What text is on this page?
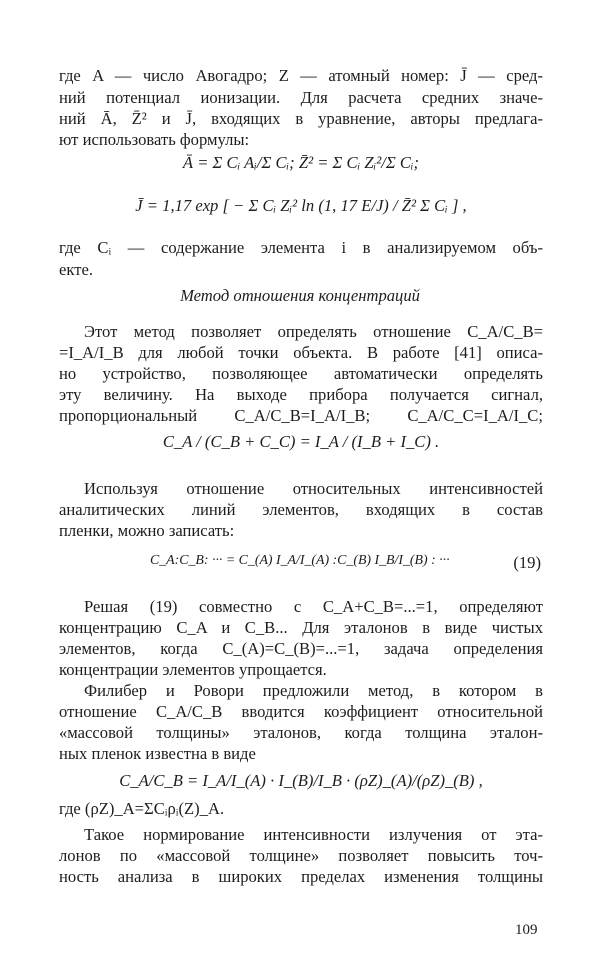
где A — число Авогадро; Z — атомный номер: J̄ — сред-
ний потенциал ионизации. Для расчета средних значе-
ний Ā, Z̄² и J̄, входящих в уравнение, авторы предлага-
ют использовать формулы:
Ā = Σ Cᵢ Aᵢ/Σ Cᵢ; Z̄² = Σ Cᵢ Zᵢ²/Σ Cᵢ;
J̄ = 1,17 exp [ − Σ Cᵢ Zᵢ² ln (1, 17 E/J) / Z̄² Σ Cᵢ ] ,
где Cᵢ — содержание элемента i в анализируемом объ-
екте.
Метод отношения концентраций
Этот метод позволяет определять отношение C_A/C_B=
=I_A/I_B для любой точки объекта. В работе [41] описа-
но устройство, позволяющее автоматически определять
эту величину. На выходе прибора получается сигнал,
пропорциональный C_A/C_B=I_A/I_B; C_A/C_C=I_A/I_C;
C_A / (C_B + C_C) = I_A / (I_B + I_C) .
Используя отношение относительных интенсивностей
аналитических линий элементов, входящих в состав
пленки, можно записать:
C_A:C_B: ··· = C_(A) I_A/I_(A) :C_(B) I_B/I_(B) : ···	(19)
Решая (19) совместно с C_A+C_B=...=1, определяют
концентрацию C_A и C_B... Для эталонов в виде чистых
элементов, когда C_(A)=C_(B)=...=1, задача определения
концентрации элементов упрощается.
Филибер и Ровори предложили метод, в котором в
отношение C_A/C_B вводится коэффициент относительной
«массовой толщины» эталонов, когда толщина эталон-
ных пленок известна в виде
C_A/C_B = I_A/I_(A) · I_(B)/I_B · (ρZ)_(A)/(ρZ)_(B) ,
где (ρZ)_A=ΣCᵢρᵢ(Z)_A.
Такое нормирование интенсивности излучения от эта-
лонов по «массовой толщине» позволяет повысить точ-
ность анализа в широких пределах изменения толщины
109
